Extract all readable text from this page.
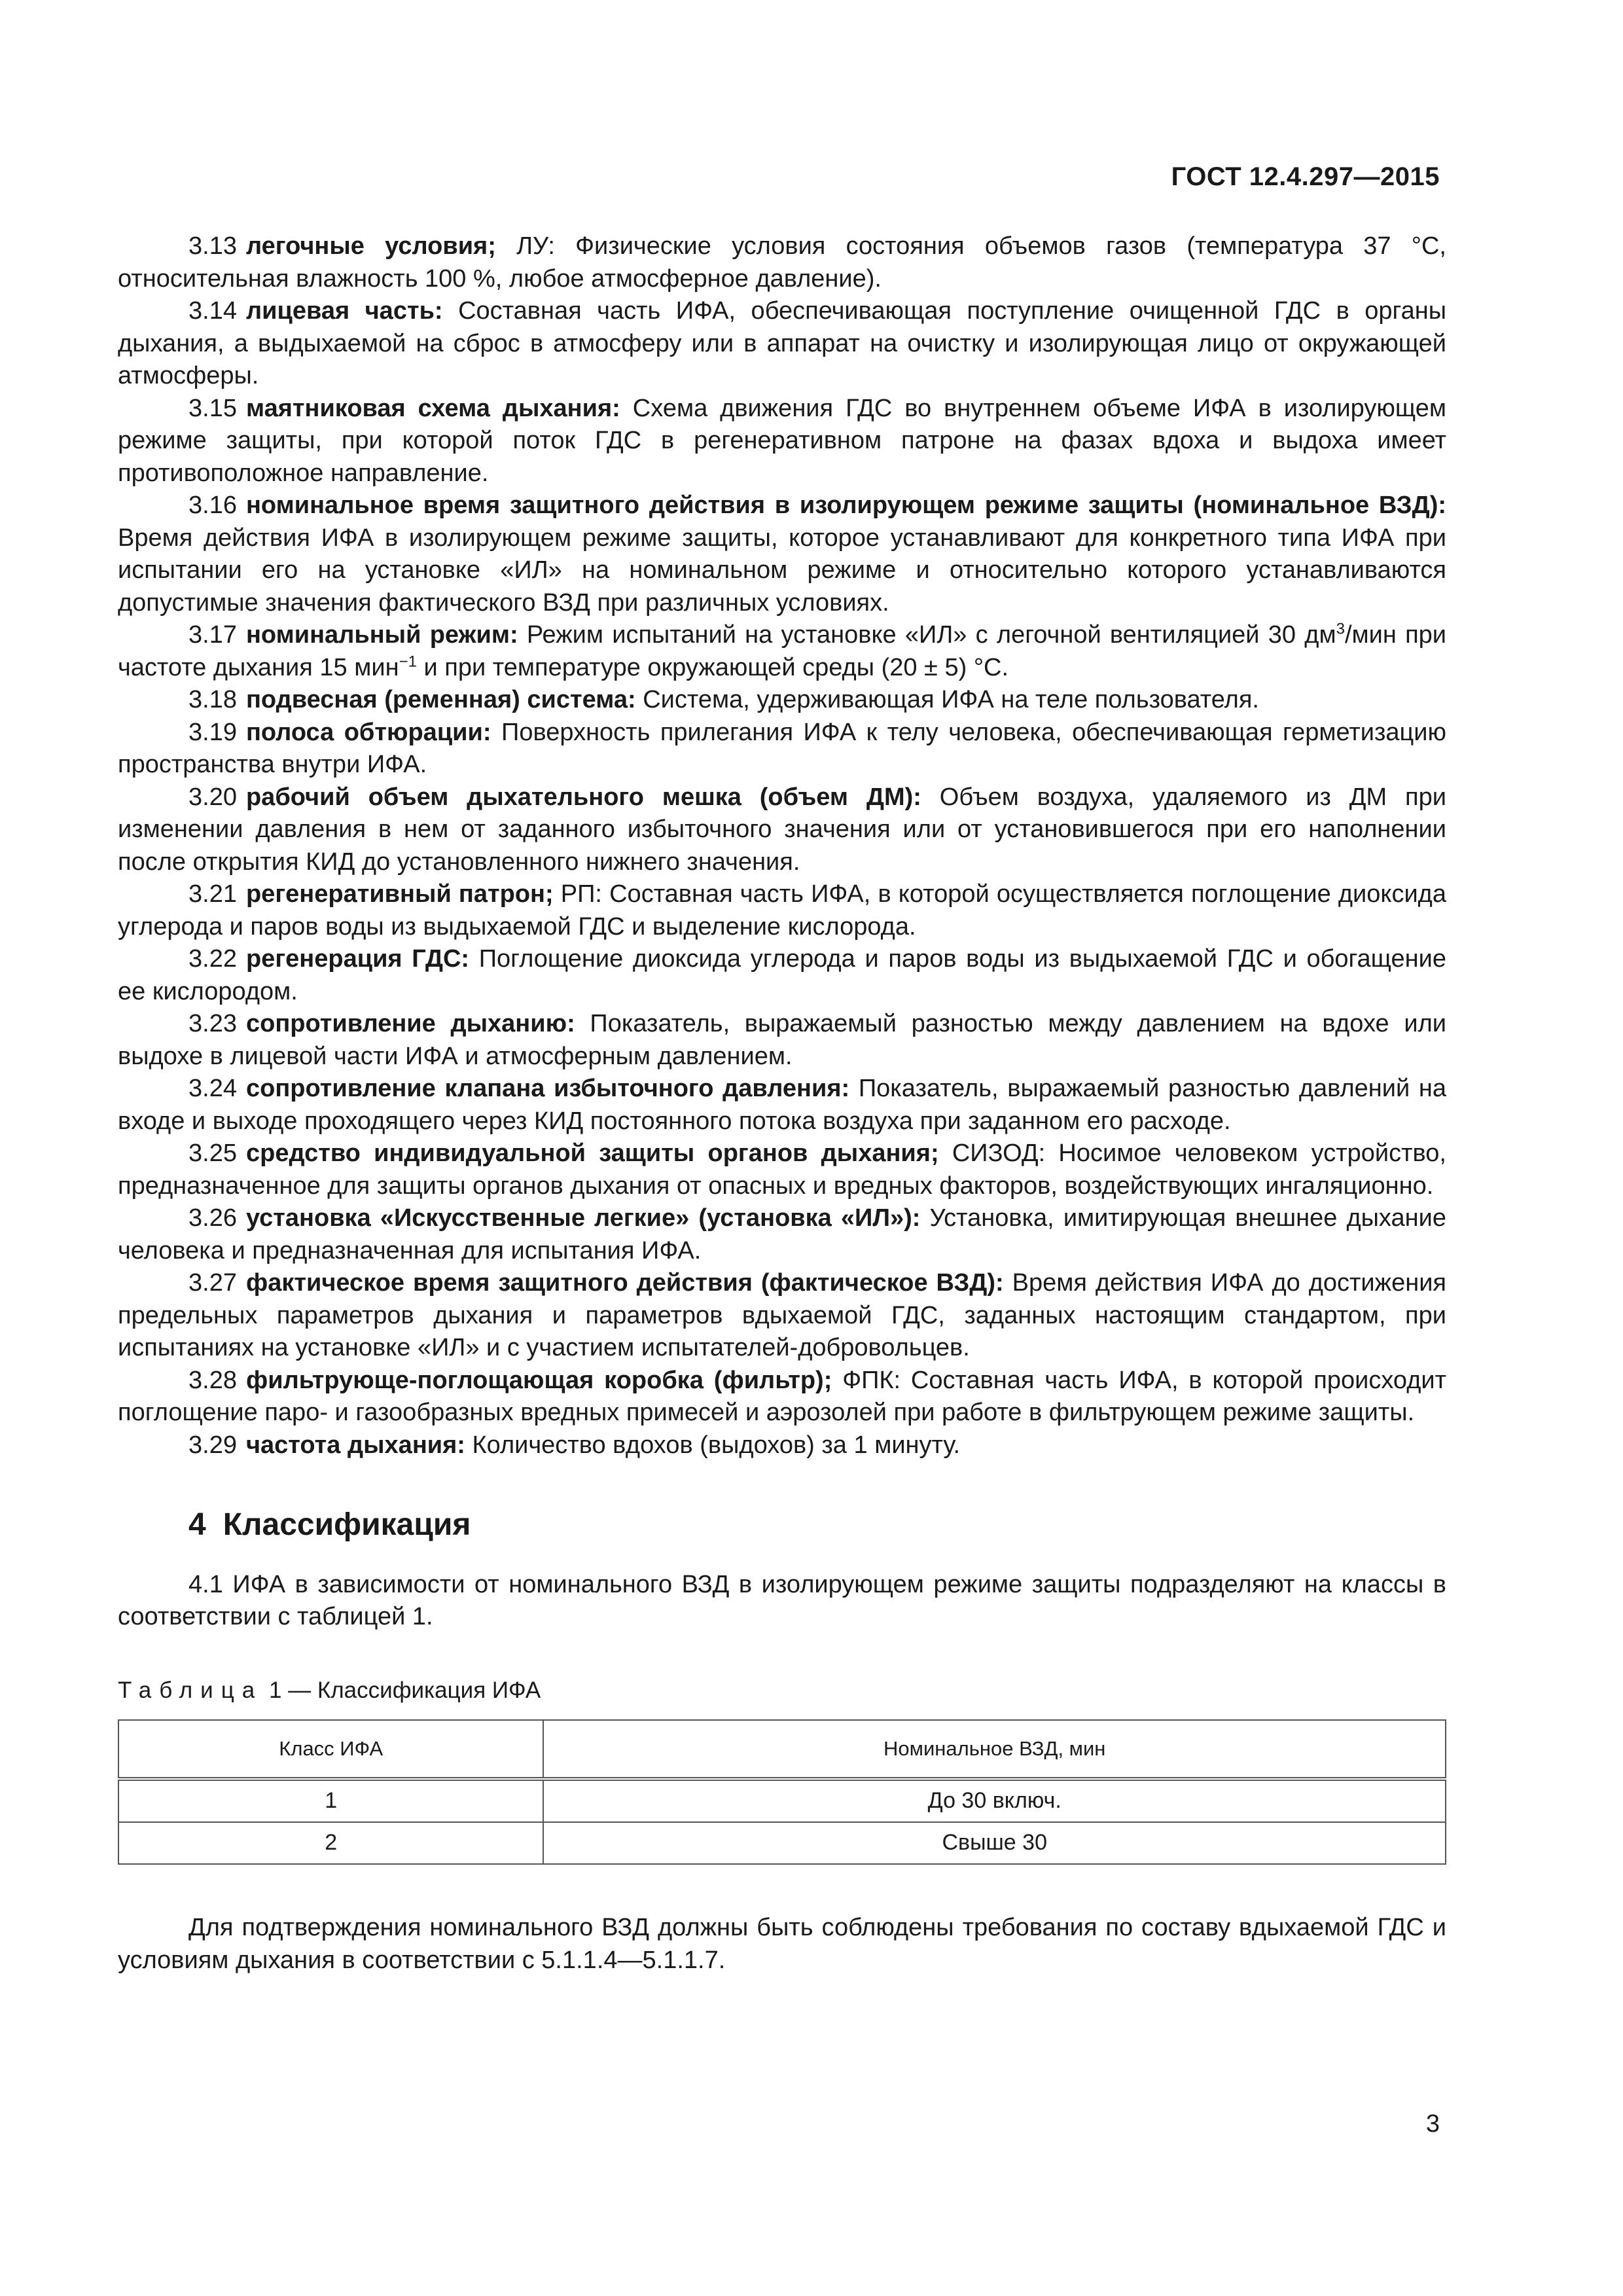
ГОСТ 12.4.297—2015

3.13 легочные условия; ЛУ: Физические условия состояния объемов газов (температура 37 °С, относительная влажность 100 %, любое атмосферное давление).

3.14 лицевая часть: Составная часть ИФА, обеспечивающая поступление очищенной ГДС в органы дыхания, а выдыхаемой на сброс в атмосферу или в аппарат на очистку и изолирующая лицо от окружающей атмосферы.

3.15 маятниковая схема дыхания: Схема движения ГДС во внутреннем объеме ИФА в изолирующем режиме защиты, при которой поток ГДС в регенеративном патроне на фазах вдоха и выдоха имеет противоположное направление.

3.16 номинальное время защитного действия в изолирующем режиме защиты (номинальное ВЗД): Время действия ИФА в изолирующем режиме защиты, которое устанавливают для конкретного типа ИФА при испытании его на установке «ИЛ» на номинальном режиме и относительно которого устанавливаются допустимые значения фактического ВЗД при различных условиях.

3.17 номинальный режим: Режим испытаний на установке «ИЛ» с легочной вентиляцией 30 $дм^3$/мин при частоте дыхания 15 мин$^{-1}$ и при температуре окружающей среды (20 ± 5) °С.

3.18 подвесная (ременная) система: Система, удерживающая ИФА на теле пользователя.

3.19 полоса обтюрации: Поверхность прилегания ИФА к телу человека, обеспечивающая герметизацию пространства внутри ИФА.

3.20 рабочий объем дыхательного мешка (объем ДМ): Объем воздуха, удаляемого из ДМ при изменении давления в нем от заданного избыточного значения или от установившегося при его наполнении после открытия КИД до установленного нижнего значения.

3.21 регенеративный патрон; РП: Составная часть ИФА, в которой осуществляется поглощение диоксида углерода и паров воды из выдыхаемой ГДС и выделение кислорода.

3.22 регенерация ГДС: Поглощение диоксида углерода и паров воды из выдыхаемой ГДС и обогащение ее кислородом.

3.23 сопротивление дыханию: Показатель, выражаемый разностью между давлением на вдохе или выдохе в лицевой части ИФА и атмосферным давлением.

3.24 сопротивление клапана избыточного давления: Показатель, выражаемый разностью давлений на входе и выходе проходящего через КИД постоянного потока воздуха при заданном его расходе.

3.25 средство индивидуальной защиты органов дыхания; СИЗОД: Носимое человеком устройство, предназначенное для защиты органов дыхания от опасных и вредных факторов, воздействующих ингаляционно.

3.26 установка «Искусственные легкие» (установка «ИЛ»): Установка, имитирующая внешнее дыхание человека и предназначенная для испытания ИФА.

3.27 фактическое время защитного действия (фактическое ВЗД): Время действия ИФА до достижения предельных параметров дыхания и параметров вдыхаемой ГДС, заданных настоящим стандартом, при испытаниях на установке «ИЛ» и с участием испытателей-добровольцев.

3.28 фильтрующе-поглощающая коробка (фильтр); ФПК: Составная часть ИФА, в которой происходит поглощение паро- и газообразных вредных примесей и аэрозолей при работе в фильтрующем режиме защиты.

3.29 частота дыхания: Количество вдохов (выдохов) за 1 минуту.

4 Классификация

4.1 ИФА в зависимости от номинального ВЗД в изолирующем режиме защиты подразделяют на классы в соответствии с таблицей 1.

Таблица 1 — Классификация ИФА
Класс ИФА	Номинальное ВЗД, мин
1	До 30 включ.
2	Свыше 30

Для подтверждения номинального ВЗД должны быть соблюдены требования по составу вдыхаемой ГДС и условиям дыхания в соответствии с 5.1.1.4—5.1.1.7.

3
